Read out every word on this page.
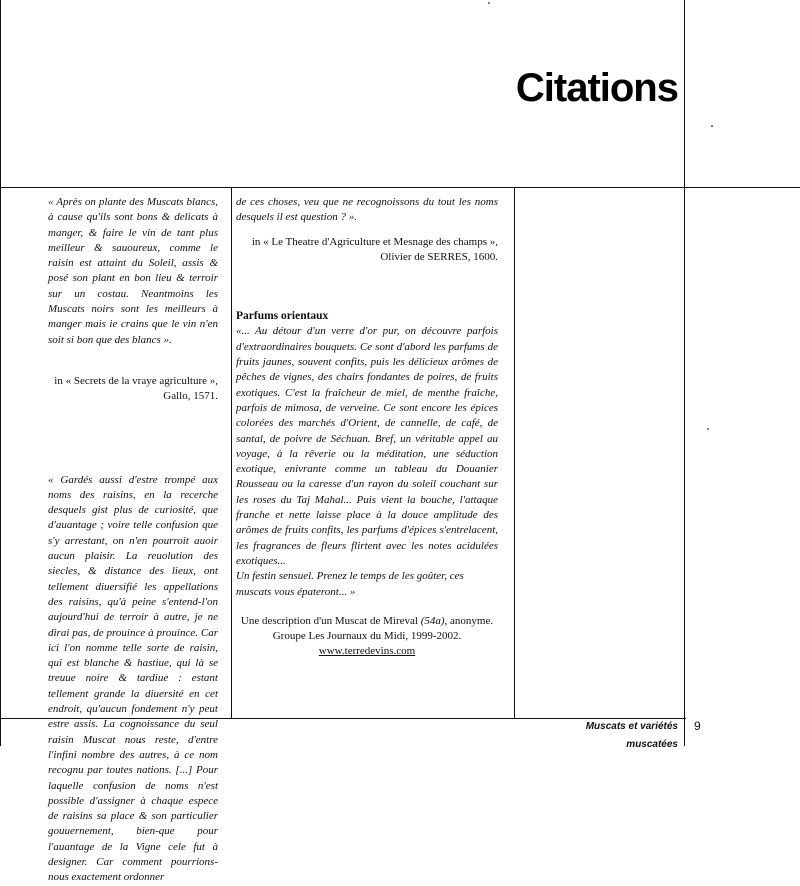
Citations

« Après on plante des Muscats blancs, à cause qu'ils sont bons & delicats à manger, & faire le vin de tant plus meilleur & sauoureux, comme le raisin est attaint du Soleil, assis & posé son plant en bon lieu & terroir sur un costau. Neantmoins les Muscats noirs sont les meilleurs à manger mais ie crains que le vin n'en soit si bon que des blancs ».

in « Secrets de la vraye agriculture »,

Gallo, 1571.

« Gardés aussi d'estre trompé aux noms des raisins, en la recerche desquels gist plus de curiosité, que d'auantage ; voire telle confusion que s'y arrestant, on n'en pourroit auoir aucun plaisir. La reuolution des siecles, & distance des lieux, ont tellement diuersifié les appellations des raisins, qu'à peine s'entend-l'on aujourd'hui de terroir à autre, je ne dirai pas, de prouince à prouince. Car ici l'on nomme telle sorte de raisin, qui est blanche & hastiue, qui là se treuue noire & tardiue : estant tellement grande la diuersité en cet endroit, qu'aucun fondement n'y peut estre assis. La cognoissance du seul raisin Muscat nous reste, d'entre l'infini nombre des autres, à ce nom recognu par toutes nations. [...] Pour laquelle confusion de noms n'est possible d'assigner à chaque espece de raisins sa place & son particulier gouuernement, bien-que pour l'auantage de la Vigne cele fut à designer. Car comment pourrions-nous exactement ordonner

de ces choses, veu que ne recognoissons du tout les noms desquels il est question ? ».

in « Le Theatre d'Agriculture et Mesnage des champs »,

Olivier de SERRES, 1600.

Parfums orientaux

«... Au détour d'un verre d'or pur, on découvre parfois d'extraordinaires bouquets. Ce sont d'abord les parfums de fruits jaunes, souvent confits, puis les délicieux arômes de pêches de vignes, des chairs fondantes de poires, de fruits exotiques. C'est la fraîcheur de miel, de menthe fraîche, parfois de mimosa, de verveine. Ce sont encore les épices colorées des marchés d'Orient, de cannelle, de café, de santal, de poivre de Séchuan. Bref, un véritable appel au voyage, à la rêverie ou la méditation, une séduction exotique, enivrante comme un tableau du Douanier Rousseau ou la caresse d'un rayon du soleil couchant sur les roses du Taj Mahal... Puis vient la bouche, l'attaque franche et nette laisse place à la douce amplitude des arômes de fruits confits, les parfums d'épices s'entrelacent, les fragrances de fleurs flirtent avec les notes acidulées exotiques...

Un festin sensuel. Prenez le temps de les goûter, ces muscats vous épateront... »

Une description d'un Muscat de Mireval (54a), anonyme.

Groupe Les Journaux du Midi, 1999-2002.

www.terredevins.com

Muscats et variétés muscatées
9
